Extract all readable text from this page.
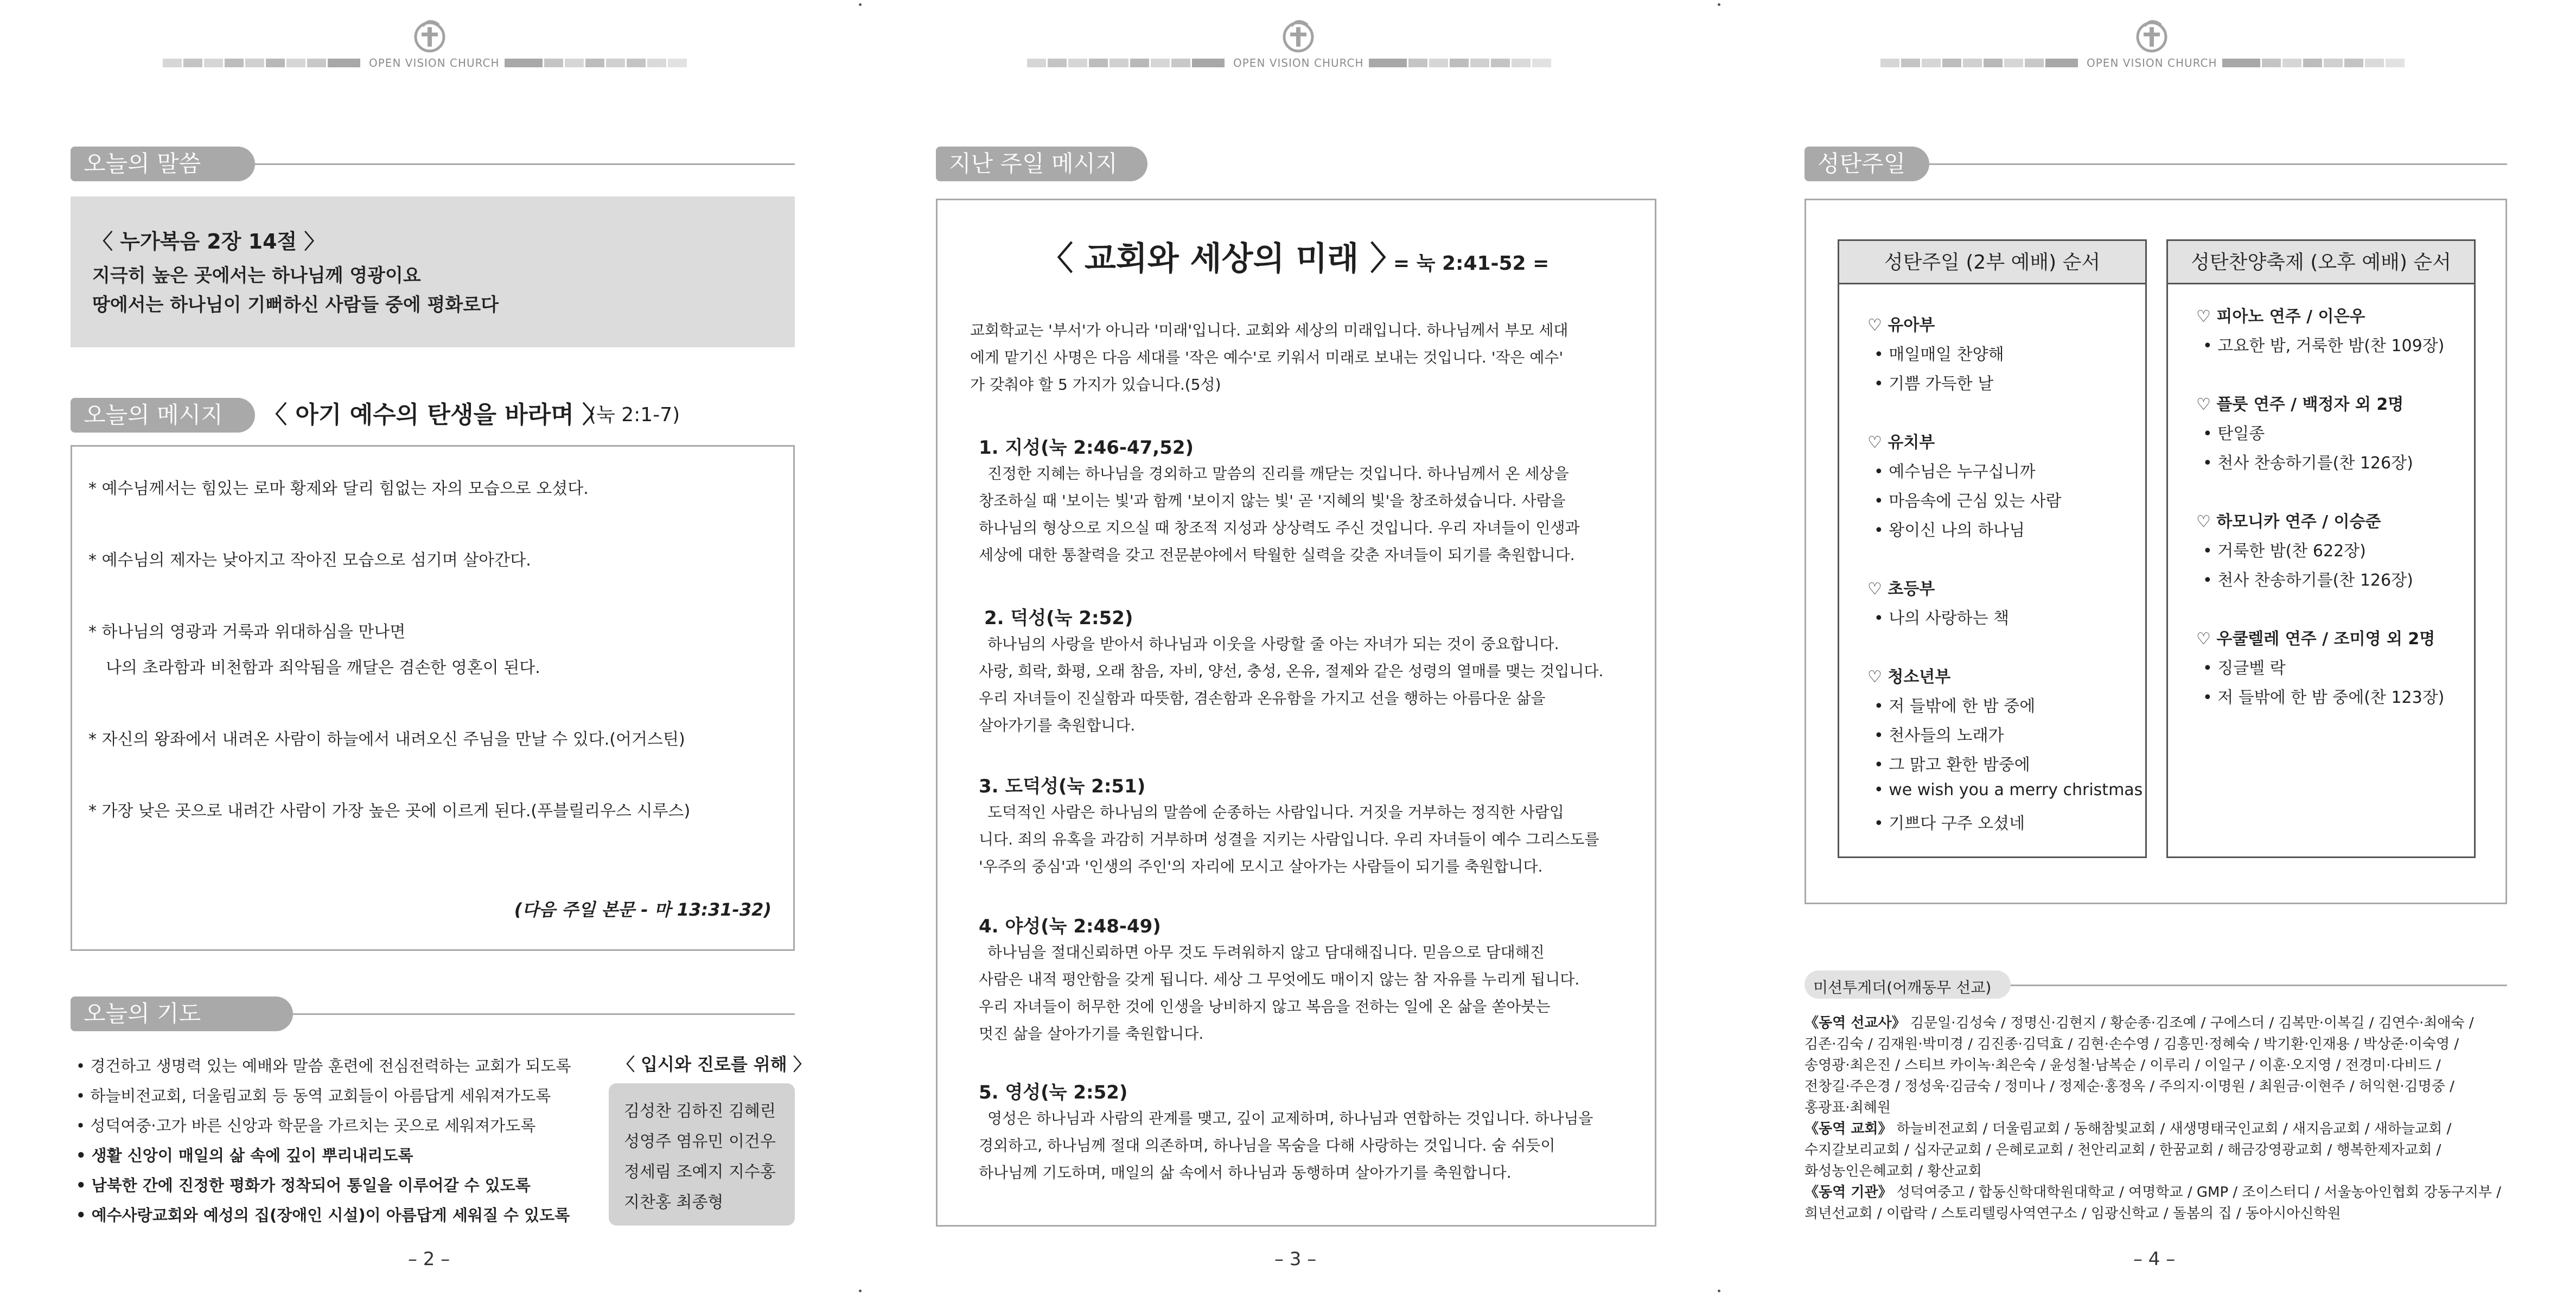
OPEN VISION CHURCH
오늘의 말씀
〈 누가복음 2장 14절 〉
지극히 높은 곳에서는 하나님께 영광이요
땅에서는 하나님이 기뻐하신 사람들 중에 평화로다
오늘의 메시지	〈 아기 예수의 탄생을 바라며 〉
(눅 2:1-7)
* 예수님께서는 힘있는 로마 황제와 달리 힘없는 자의 모습으로 오셨다.
* 예수님의 제자는 낮아지고 작아진 모습으로 섬기며 살아간다.
* 하나님의 영광과 거룩과 위대하심을 만나면
나의 초라함과 비천함과 죄악됨을 깨달은 겸손한 영혼이 된다.
* 자신의 왕좌에서 내려온 사람이 하늘에서 내려오신 주님을 만날 수 있다.(어거스틴)
* 가장 낮은 곳으로 내려간 사람이 가장 높은 곳에 이르게 된다.(푸블릴리우스 시루스)
(다음 주일 본문 - 마 13:31-32)
오늘의 기도
• 경건하고 생명력 있는 예배와 말씀 훈련에 전심전력하는 교회가 되도록
• 하늘비전교회, 더울림교회 등 동역 교회들이 아름답게 세워져가도록
• 성덕여중·고가 바른 신앙과 학문을 가르치는 곳으로 세워져가도록
• 생활 신앙이 매일의 삶 속에 깊이 뿌리내리도록
• 남북한 간에 진정한 평화가 정착되어 통일을 이루어갈 수 있도록
• 예수사랑교회와 예성의 집(장애인 시설)이 아름답게 세워질 수 있도록
〈 입시와 진로를 위해 〉
김성찬 김하진 김혜린
성영주 염유민 이건우
정세림 조예지 지수홍
지찬홍 최종형
– 2 –
OPEN VISION CHURCH
지난 주일 메시지
〈 교회와 세상의 미래 〉
= 눅 2:41-52 =
교회학교는 '부서'가 아니라 '미래'입니다. 교회와 세상의 미래입니다. 하나님께서 부모 세대
에게 맡기신 사명은 다음 세대를 '작은 예수'로 키워서 미래로 보내는 것입니다. '작은 예수'
가 갖춰야 할 5 가지가 있습니다.(5성)
1. 지성(눅 2:46-47,52)
진정한 지혜는 하나님을 경외하고 말씀의 진리를 깨닫는 것입니다. 하나님께서 온 세상을
창조하실 때 '보이는 빛'과 함께 '보이지 않는 빛' 곧 '지혜의 빛'을 창조하셨습니다. 사람을
하나님의 형상으로 지으실 때 창조적 지성과 상상력도 주신 것입니다. 우리 자녀들이 인생과
세상에 대한 통찰력을 갖고 전문분야에서 탁월한 실력을 갖춘 자녀들이 되기를 축원합니다.
2. 덕성(눅 2:52)
하나님의 사랑을 받아서 하나님과 이웃을 사랑할 줄 아는 자녀가 되는 것이 중요합니다.
사랑, 희락, 화평, 오래 참음, 자비, 양선, 충성, 온유, 절제와 같은 성령의 열매를 맺는 것입니다.
우리 자녀들이 진실함과 따뜻함, 겸손함과 온유함을 가지고 선을 행하는 아름다운 삶을
살아가기를 축원합니다.
3. 도덕성(눅 2:51)
도덕적인 사람은 하나님의 말씀에 순종하는 사람입니다. 거짓을 거부하는 정직한 사람입
니다. 죄의 유혹을 과감히 거부하며 성결을 지키는 사람입니다. 우리 자녀들이 예수 그리스도를
'우주의 중심'과 '인생의 주인'의 자리에 모시고 살아가는 사람들이 되기를 축원합니다.
4. 야성(눅 2:48-49)
하나님을 절대신뢰하면 아무 것도 두려워하지 않고 담대해집니다. 믿음으로 담대해진
사람은 내적 평안함을 갖게 됩니다. 세상 그 무엇에도 매이지 않는 참 자유를 누리게 됩니다.
우리 자녀들이 허무한 것에 인생을 낭비하지 않고 복음을 전하는 일에 온 삶을 쏟아붓는
멋진 삶을 살아가기를 축원합니다.
5. 영성(눅 2:52)
영성은 하나님과 사람의 관계를 맺고, 깊이 교제하며, 하나님과 연합하는 것입니다. 하나님을
경외하고, 하나님께 절대 의존하며, 하나님을 목숨을 다해 사랑하는 것입니다. 숨 쉬듯이
하나님께 기도하며, 매일의 삶 속에서 하나님과 동행하며 살아가기를 축원합니다.
– 3 –
OPEN VISION CHURCH
성탄주일
성탄주일 (2부 예배) 순서
♡ 유아부
• 매일매일 찬양해
• 기쁨 가득한 날
♡ 유치부
• 예수님은 누구십니까
• 마음속에 근심 있는 사람
• 왕이신 나의 하나님
♡ 초등부
• 나의 사랑하는 책
♡ 청소년부
• 저 들밖에 한 밤 중에
• 천사들의 노래가
• 그 맑고 환한 밤중에
• we wish you a merry christmas
• 기쁘다 구주 오셨네
성탄찬양축제 (오후 예배) 순서
♡ 피아노 연주 / 이은우
• 고요한 밤, 거룩한 밤(찬 109장)
♡ 플룻 연주 / 백정자 외 2명
• 탄일종
• 천사 찬송하기를(찬 126장)
♡ 하모니카 연주 / 이승준
• 거룩한 밤(찬 622장)
• 천사 찬송하기를(찬 126장)
♡ 우쿨렐레 연주 / 조미영 외 2명
• 징글벨 락
• 저 들밖에 한 밤 중에(찬 123장)
미션투게더(어깨동무 선교)
《동역 선교사》 김문일·김성숙 / 정명신·김현지 / 황순종·김조예 / 구에스더 / 김복만·이복길 / 김연수·최애숙 /
김존·김숙 / 김재원·박미경 / 김진종·김덕효 / 김현·손수영 / 김흥민·정혜숙 / 박기환·인재용 / 박상준·이숙영 /
송영광·최은진 / 스티브 카이녹·최은숙 / 윤성철·남복순 / 이루리 / 이일구 / 이훈·오지영 / 전경미·다비드 /
전창길·주은경 / 정성욱·김금숙 / 정미나 / 정제순·홍정옥 / 주의지·이명원 / 최원금·이현주 / 허익현·김명중 /
홍광표·최혜원
《동역 교회》 하늘비전교회 / 더울림교회 / 동해참빛교회 / 새생명태국인교회 / 새지음교회 / 새하늘교회 /
수지갈보리교회 / 십자군교회 / 은혜로교회 / 천안리교회 / 한꿈교회 / 해금강영광교회 / 행복한제자교회 /
화성농인은혜교회 / 황산교회
《동역 기관》 성덕여중고 / 합동신학대학원대학교 / 여명학교 / GMP / 조이스터디 / 서울농아인협회 강동구지부 /
희년선교회 / 이랍락 / 스토리텔링사역연구소 / 임광신학교 / 돌봄의 집 / 동아시아신학원
– 4 –
